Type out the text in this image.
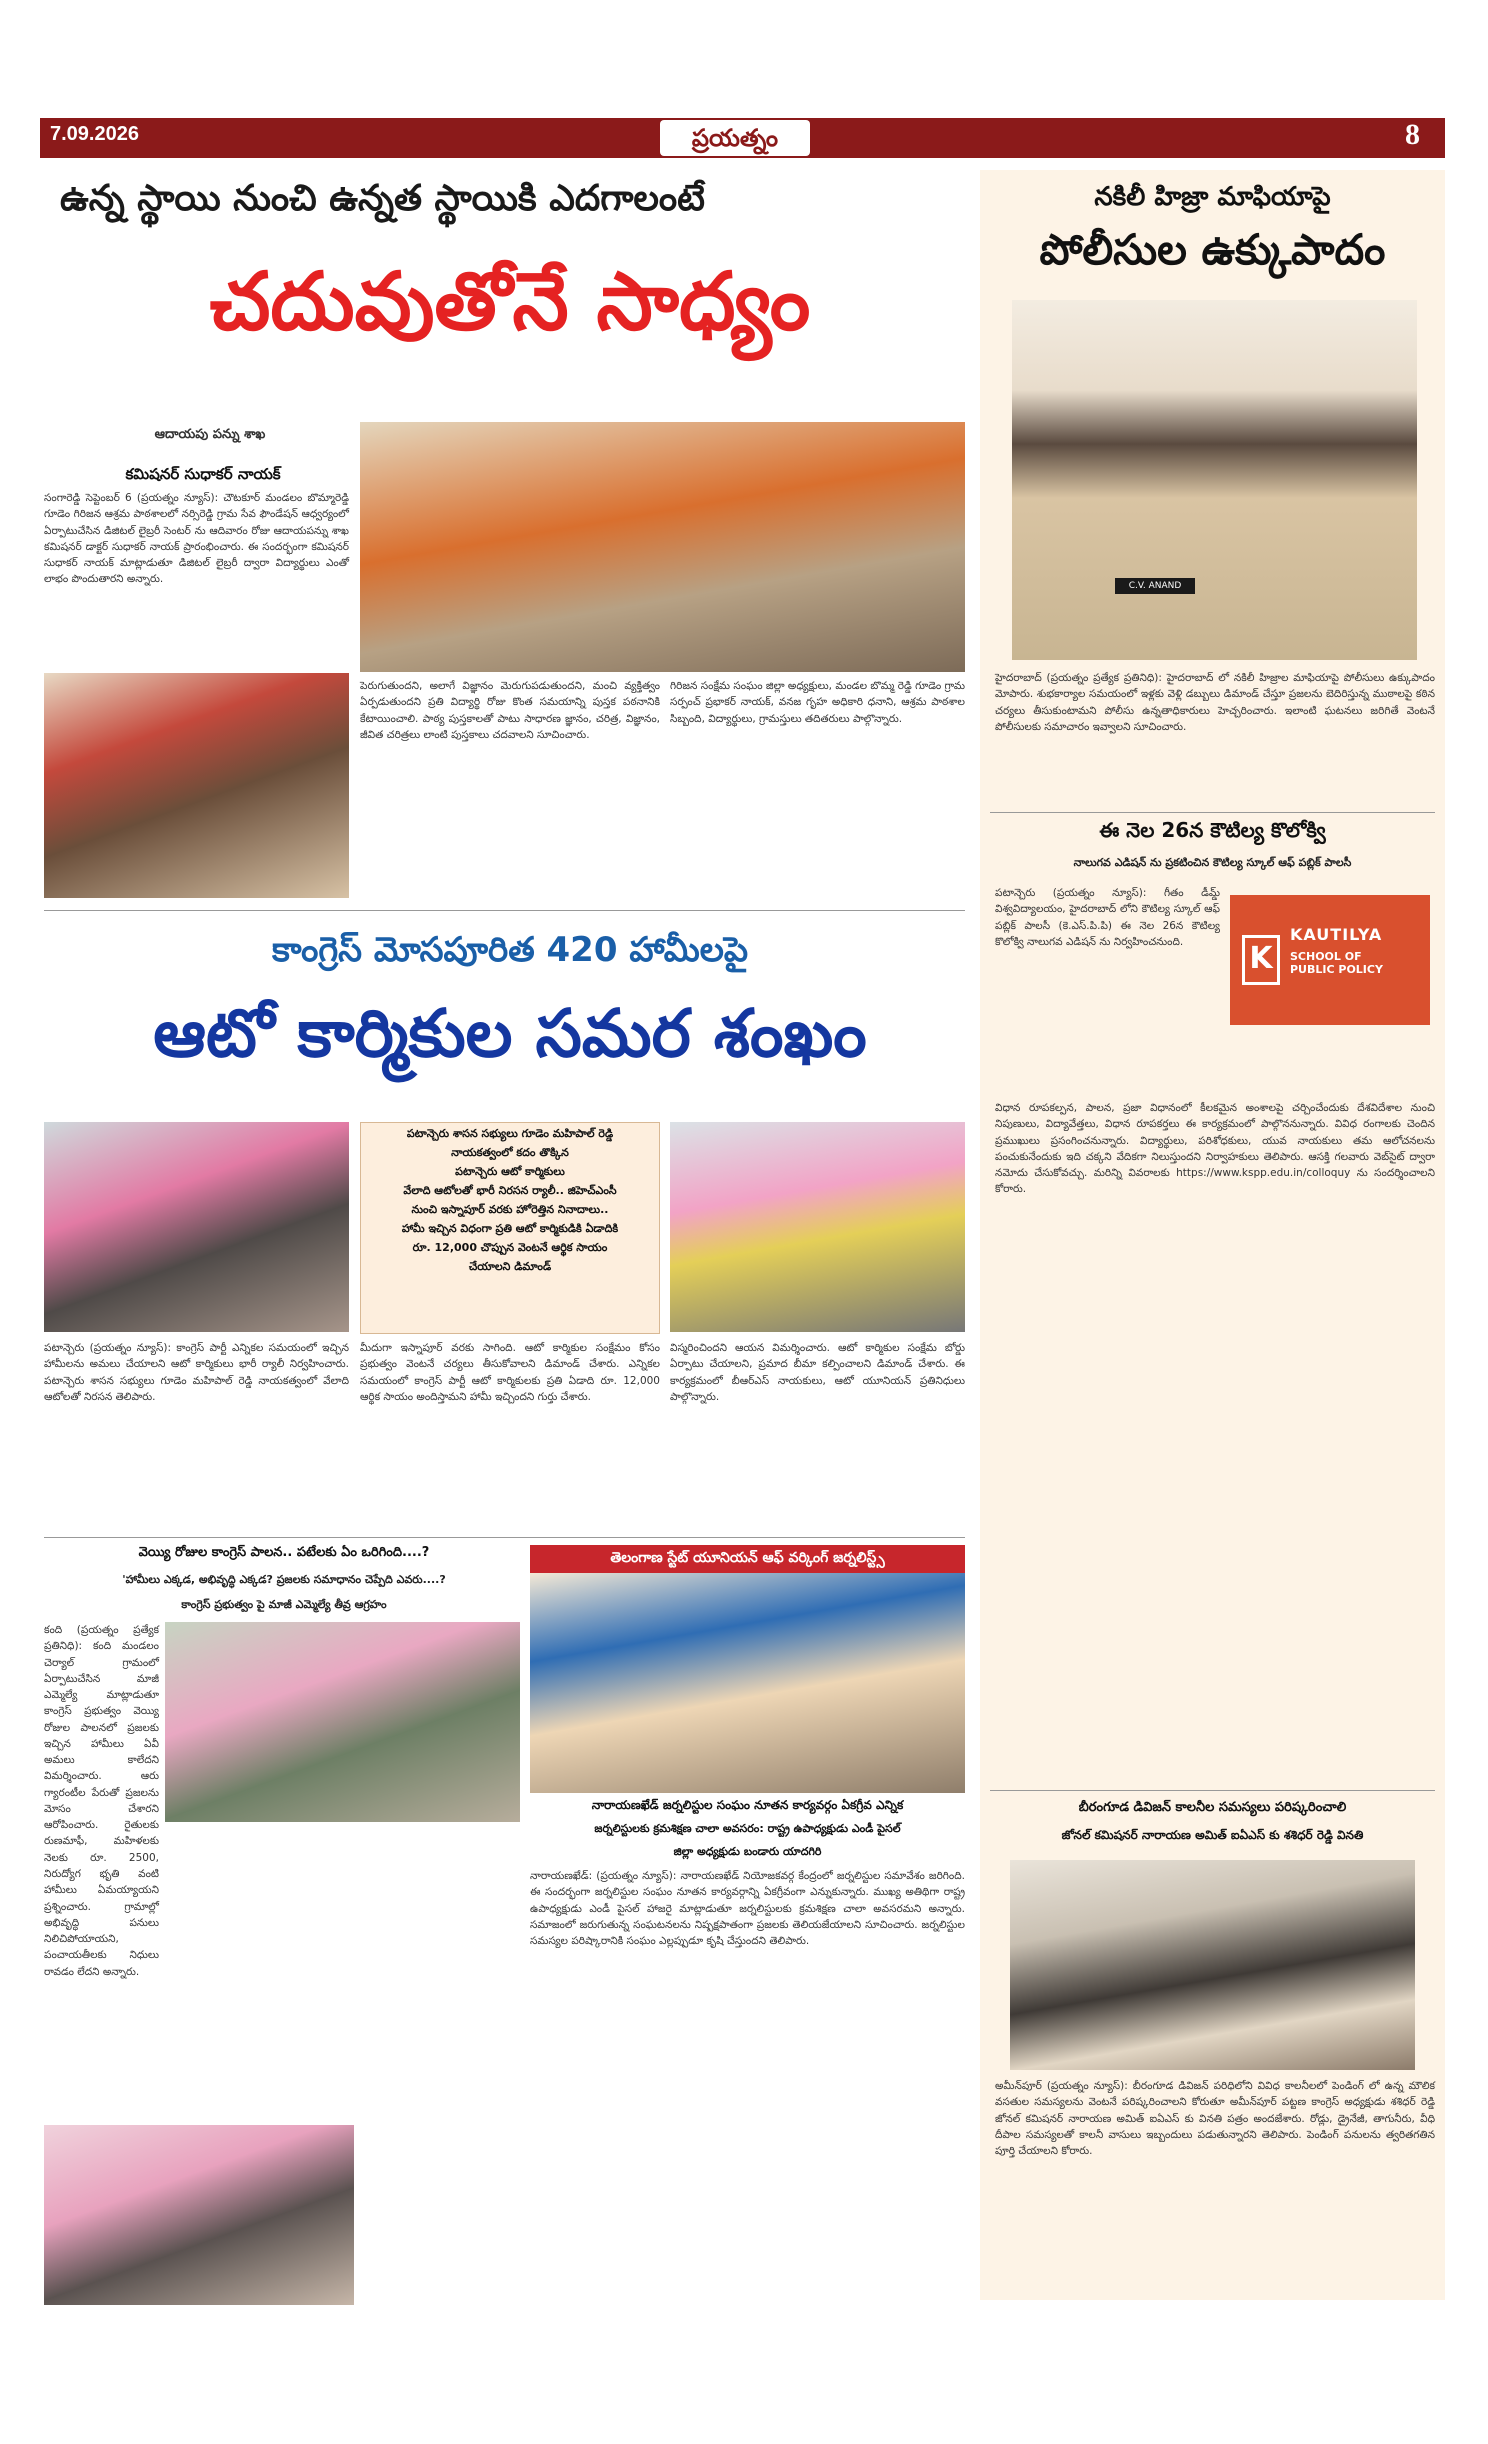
7.09.2026	ప్రయత్నం	8
ఉన్న స్థాయి నుంచి ఉన్నత స్థాయికి ఎదగాలంటే
చదువుతోనే సాధ్యం
ఆదాయపు పన్ను శాఖ
కమిషనర్ సుధాకర్ నాయక్
సంగారెడ్డి సెప్టెంబర్ 6 (ప్రయత్నం న్యూస్): చౌటకూర్ మండలం బొమ్మారెడ్డి గూడెం గిరిజన ఆశ్రమ పాఠశాలలో నర్సిరెడ్డి గ్రామ సేవ ఫౌండేషన్ ఆధ్వర్యంలో ఏర్పాటుచేసిన డిజిటల్ లైబ్రరీ సెంటర్ ను ఆదివారం రోజు ఆదాయపన్ను శాఖ కమిషనర్ డాక్టర్ సుధాకర్ నాయక్ ప్రారంభించారు. ఈ సందర్భంగా కమిషనర్ సుధాకర్ నాయక్ మాట్లాడుతూ డిజిటల్ లైబ్రరీ ద్వారా విద్యార్థులు ఎంతో లాభం పొందుతారని అన్నారు.
పెరుగుతుందని, అలాగే విజ్ఞానం మెరుగుపడుతుందని, మంచి వ్యక్తిత్వం ఏర్పడుతుందని ప్రతి విద్యార్థి రోజు కొంత సమయాన్ని పుస్తక పఠనానికి కేటాయించాలి. పాఠ్య పుస్తకాలతో పాటు సాధారణ జ్ఞానం, చరిత్ర, విజ్ఞానం, జీవిత చరిత్రలు లాంటి పుస్తకాలు చదవాలని సూచించారు.
గిరిజన సంక్షేమ సంఘం జిల్లా అధ్యక్షులు, మండల బొమ్మ రెడ్డి గూడెం గ్రామ సర్పంచ్ ప్రభాకర్ నాయక్, వనజ గృహ అధికారి ధనాని, ఆశ్రమ పాఠశాల సిబ్బంది, విద్యార్థులు, గ్రామస్తులు తదితరులు పాల్గొన్నారు.
కాంగ్రెస్ మోసపూరిత 420 హామీలపై
ఆటో కార్మికుల సమర శంఖం
పటాన్చెరు శాసన సభ్యులు గూడెం మహిపాల్ రెడ్డి
నాయకత్వంలో కదం తొక్కిన
పటాన్చెరు ఆటో కార్మికులు
వేలాది ఆటోలతో భారీ నిరసన ర్యాలీ.. జిహెచ్ఎంసీ
నుంచి ఇస్నాపూర్ వరకు హోరెత్తిన నినాదాలు..
హామీ ఇచ్చిన విధంగా ప్రతి ఆటో కార్మికుడికి ఏడాదికి
రూ. 12,000 చొప్పున వెంటనే ఆర్థిక సాయం
చేయాలని డిమాండ్
పటాన్చెరు (ప్రయత్నం న్యూస్): కాంగ్రెస్ పార్టీ ఎన్నికల సమయంలో ఇచ్చిన హామీలను అమలు చేయాలని ఆటో కార్మికులు భారీ ర్యాలీ నిర్వహించారు. పటాన్చెరు శాసన సభ్యులు గూడెం మహిపాల్ రెడ్డి నాయకత్వంలో వేలాది ఆటోలతో నిరసన తెలిపారు.
మీదుగా ఇస్నాపూర్ వరకు సాగింది. ఆటో కార్మికుల సంక్షేమం కోసం ప్రభుత్వం వెంటనే చర్యలు తీసుకోవాలని డిమాండ్ చేశారు. ఎన్నికల సమయంలో కాంగ్రెస్ పార్టీ ఆటో కార్మికులకు ప్రతి ఏడాది రూ. 12,000 ఆర్థిక సాయం అందిస్తామని హామీ ఇచ్చిందని గుర్తు చేశారు.
విస్మరించిందని ఆయన విమర్శించారు. ఆటో కార్మికుల సంక్షేమ బోర్డు ఏర్పాటు చేయాలని, ప్రమాద బీమా కల్పించాలని డిమాండ్ చేశారు. ఈ కార్యక్రమంలో బీఆర్ఎస్ నాయకులు, ఆటో యూనియన్ ప్రతినిధులు పాల్గొన్నారు.
వెయ్యి రోజుల కాంగ్రెస్ పాలన.. పటేలకు ఏం ఒరిగింది....?
'హామీలు ఎక్కడ, అభివృద్ధి ఎక్కడ? ప్రజలకు సమాధానం చెప్పేది ఎవరు....?
కాంగ్రెస్ ప్రభుత్వం పై మాజీ ఎమ్మెల్యే తీవ్ర ఆగ్రహం
కంది (ప్రయత్నం ప్రత్యేక ప్రతినిధి): కంది మండలం చెర్యాల్ గ్రామంలో ఏర్పాటుచేసిన మాజీ ఎమ్మెల్యే మాట్లాడుతూ కాంగ్రెస్ ప్రభుత్వం వెయ్యి రోజుల పాలనలో ప్రజలకు ఇచ్చిన హామీలు ఏవీ అమలు కాలేదని విమర్శించారు. ఆరు గ్యారంటీల పేరుతో ప్రజలను మోసం చేశారని ఆరోపించారు. రైతులకు రుణమాఫీ, మహిళలకు నెలకు రూ. 2500, నిరుద్యోగ భృతి వంటి హామీలు ఏమయ్యాయని ప్రశ్నించారు. గ్రామాల్లో అభివృద్ధి పనులు నిలిచిపోయాయని, పంచాయతీలకు నిధులు రావడం లేదని అన్నారు.
తెలంగాణ స్టేట్ యూనియన్ ఆఫ్ వర్కింగ్ జర్నలిస్ట్స్
నారాయణఖేడ్ జర్నలిస్టుల సంఘం నూతన కార్యవర్గం ఏకగ్రీవ ఎన్నిక
జర్నలిస్టులకు క్రమశిక్షణ చాలా అవసరం: రాష్ట్ర ఉపాధ్యక్షుడు ఎండీ పైసల్
జిల్లా అధ్యక్షుడు బండారు యాదగిరి
నారాయణఖేడ్: (ప్రయత్నం న్యూస్): నారాయణఖేడ్ నియోజకవర్గ కేంద్రంలో జర్నలిస్టుల సమావేశం జరిగింది. ఈ సందర్భంగా జర్నలిస్టుల సంఘం నూతన కార్యవర్గాన్ని ఏకగ్రీవంగా ఎన్నుకున్నారు. ముఖ్య అతిథిగా రాష్ట్ర ఉపాధ్యక్షుడు ఎండీ పైసల్ హాజరై మాట్లాడుతూ జర్నలిస్టులకు క్రమశిక్షణ చాలా అవసరమని అన్నారు. సమాజంలో జరుగుతున్న సంఘటనలను నిష్పక్షపాతంగా ప్రజలకు తెలియజేయాలని సూచించారు. జర్నలిస్టుల సమస్యల పరిష్కారానికి సంఘం ఎల్లప్పుడూ కృషి చేస్తుందని తెలిపారు.
నకిలీ హిజ్రా మాఫియాపై
పోలీసుల ఉక్కుపాదం
C.V. ANAND
హైదరాబాద్ (ప్రయత్నం ప్రత్యేక ప్రతినిధి): హైదరాబాద్ లో నకిలీ హిజ్రాల మాఫియాపై పోలీసులు ఉక్కుపాదం మోపారు. శుభకార్యాల సమయంలో ఇళ్లకు వెళ్లి డబ్బులు డిమాండ్ చేస్తూ ప్రజలను బెదిరిస్తున్న ముఠాలపై కఠిన చర్యలు తీసుకుంటామని పోలీసు ఉన్నతాధికారులు హెచ్చరించారు. ఇలాంటి ఘటనలు జరిగితే వెంటనే పోలీసులకు సమాచారం ఇవ్వాలని సూచించారు.
ఈ నెల 26న కౌటిల్య కొలోక్వి
నాలుగవ ఎడిషన్ ను ప్రకటించిన కౌటిల్య స్కూల్ ఆఫ్ పబ్లిక్ పాలసీ
పటాన్చెరు (ప్రయత్నం న్యూస్): గీతం డీమ్డ్ విశ్వవిద్యాలయం, హైదరాబాద్ లోని కౌటిల్య స్కూల్ ఆఫ్ పబ్లిక్ పాలసీ (కె.ఎస్.పి.పి) ఈ నెల 26న కౌటిల్య కొలోక్వి నాలుగవ ఎడిషన్ ను నిర్వహించనుంది.	K
KAUTILYA
SCHOOL OF
PUBLIC POLICY
విధాన రూపకల్పన, పాలన, ప్రజా విధానంలో కీలకమైన అంశాలపై చర్చించేందుకు దేశవిదేశాల నుంచి నిపుణులు, విద్యావేత్తలు, విధాన రూపకర్తలు ఈ కార్యక్రమంలో పాల్గొననున్నారు. వివిధ రంగాలకు చెందిన ప్రముఖులు ప్రసంగించనున్నారు. విద్యార్థులు, పరిశోధకులు, యువ నాయకులు తమ ఆలోచనలను పంచుకునేందుకు ఇది చక్కని వేదికగా నిలుస్తుందని నిర్వాహకులు తెలిపారు. ఆసక్తి గలవారు వెబ్‌సైట్ ద్వారా నమోదు చేసుకోవచ్చు. మరిన్ని వివరాలకు https://www.kspp.edu.in/colloquy ను సందర్శించాలని కోరారు.
బీరంగూడ డివిజన్ కాలనీల సమస్యలు పరిష్కరించాలి
జోనల్ కమిషనర్ నారాయణ అమిత్ ఐఏఎస్ కు శశిధర్ రెడ్డి వినతి
అమీన్‌పూర్ (ప్రయత్నం న్యూస్): బీరంగూడ డివిజన్ పరిధిలోని వివిధ కాలనీలలో పెండింగ్ లో ఉన్న మౌలిక వసతుల సమస్యలను వెంటనే పరిష్కరించాలని కోరుతూ అమీన్‌పూర్ పట్టణ కాంగ్రెస్ అధ్యక్షుడు శశిధర్ రెడ్డి జోనల్ కమిషనర్ నారాయణ అమిత్ ఐఏఎస్ కు వినతి పత్రం అందజేశారు. రోడ్లు, డ్రైనేజీ, తాగునీరు, వీధి దీపాల సమస్యలతో కాలనీ వాసులు ఇబ్బందులు పడుతున్నారని తెలిపారు. పెండింగ్ పనులను త్వరితగతిన పూర్తి చేయాలని కోరారు.
